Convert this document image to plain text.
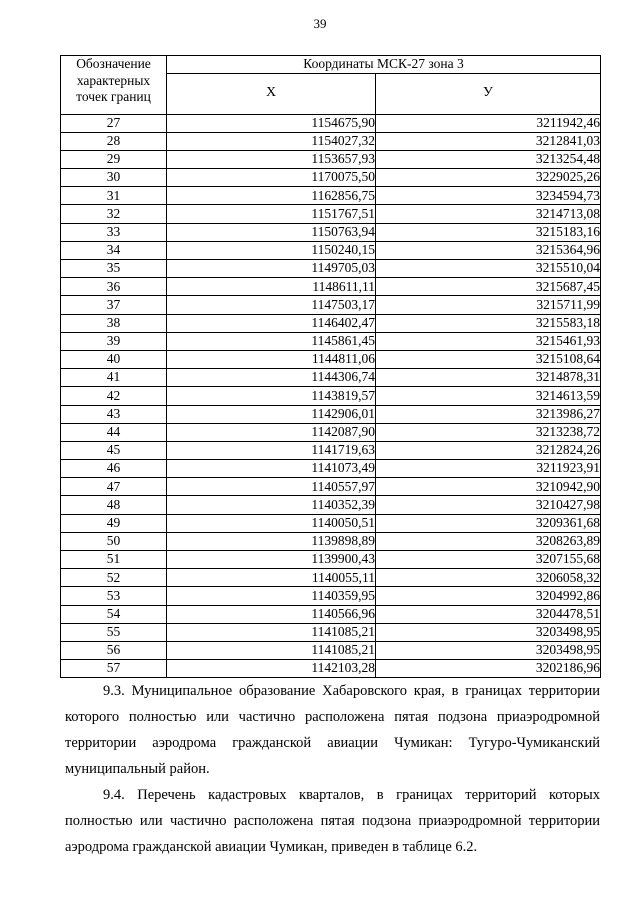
39
Обозначение характерных точек границ	Координаты МСК-27 зона 3	
	Х	У
27	1154675,90	3211942,46
28	1154027,32	3212841,03
29	1153657,93	3213254,48
30	1170075,50	3229025,26
31	1162856,75	3234594,73
32	1151767,51	3214713,08
33	1150763,94	3215183,16
34	1150240,15	3215364,96
35	1149705,03	3215510,04
36	1148611,11	3215687,45
37	1147503,17	3215711,99
38	1146402,47	3215583,18
39	1145861,45	3215461,93
40	1144811,06	3215108,64
41	1144306,74	3214878,31
42	1143819,57	3214613,59
43	1142906,01	3213986,27
44	1142087,90	3213238,72
45	1141719,63	3212824,26
46	1141073,49	3211923,91
47	1140557,97	3210942,90
48	1140352,39	3210427,98
49	1140050,51	3209361,68
50	1139898,89	3208263,89
51	1139900,43	3207155,68
52	1140055,11	3206058,32
53	1140359,95	3204992,86
54	1140566,96	3204478,51
55	1141085,21	3203498,95
56	1141085,21	3203498,95
57	1142103,28	3202186,96

9.3. Муниципальное образование Хабаровского края, в границах территории которого полностью или частично расположена пятая подзона приаэродромной территории аэродрома гражданской авиации Чумикан: Тугуро-Чумиканский муниципальный район.

9.4. Перечень кадастровых кварталов, в границах территорий которых полностью или частично расположена пятая подзона приаэродромной территории аэродрома гражданской авиации Чумикан, приведен в таблице 6.2.
